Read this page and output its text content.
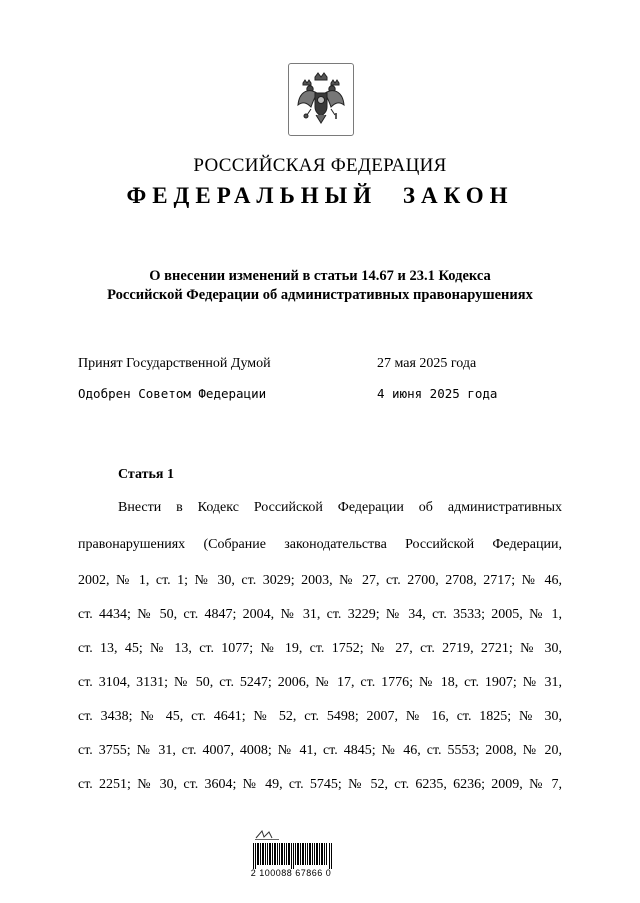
РОССИЙСКАЯ ФЕДЕРАЦИЯ
ФЕДЕРАЛЬНЫЙ ЗАКОН
О внесении изменений в статьи 14.67 и 23.1 Кодекса
Российской Федерации об административных правонарушениях
Принят Государственной Думой	27 мая 2025 года
Одобрен Советом Федерации	4 июня 2025 года
Статья 1
Внести в Кодекс Российской Федерации об административных
правонарушениях (Собрание законодательства Российской Федерации,
2002, № 1, ст. 1; № 30, ст. 3029; 2003, № 27, ст. 2700, 2708, 2717; № 46,
ст. 4434; № 50, ст. 4847; 2004, № 31, ст. 3229; № 34, ст. 3533; 2005, № 1,
ст. 13, 45; № 13, ст. 1077; № 19, ст. 1752; № 27, ст. 2719, 2721; № 30,
ст. 3104, 3131; № 50, ст. 5247; 2006, № 17, ст. 1776; № 18, ст. 1907; № 31,
ст. 3438; № 45, ст. 4641; № 52, ст. 5498; 2007, № 16, ст. 1825; № 30,
ст. 3755; № 31, ст. 4007, 4008; № 41, ст. 4845; № 46, ст. 5553; 2008, № 20,
ст. 2251; № 30, ст. 3604; № 49, ст. 5745; № 52, ст. 6235, 6236; 2009, № 7,
2 100088 67866 0
